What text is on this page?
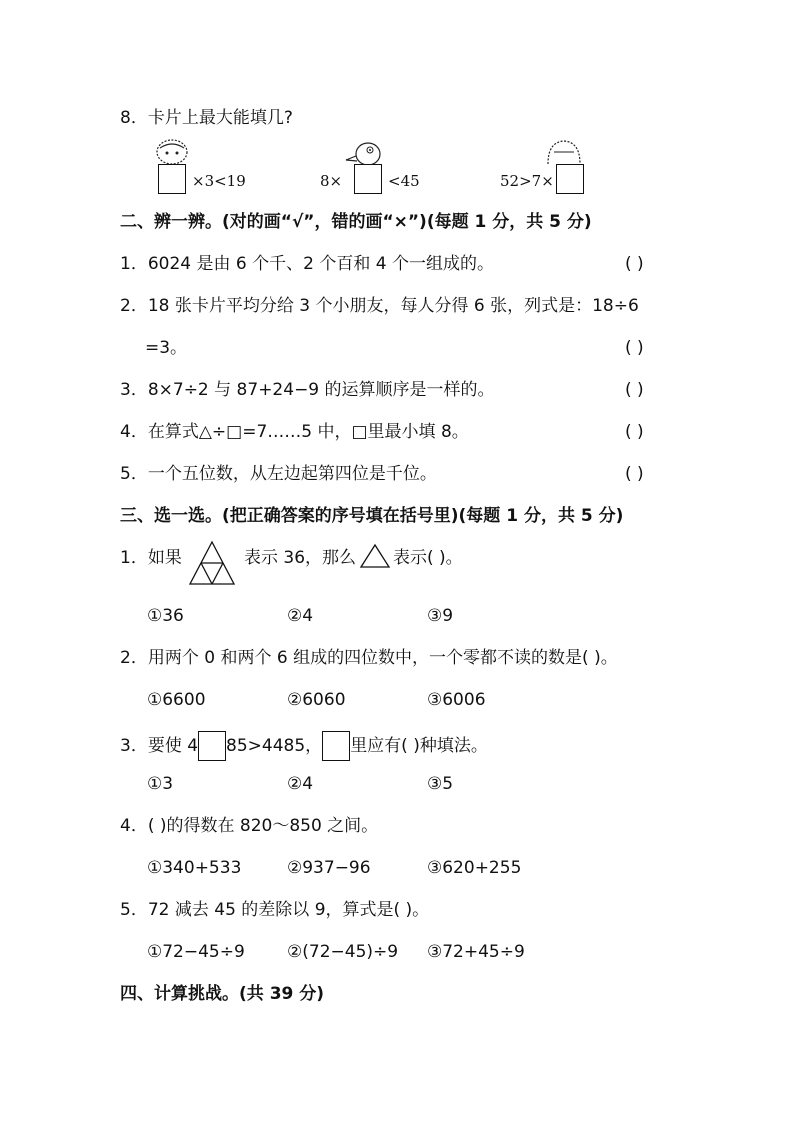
8．卡片上最大能填几?
×3<19	8×	<45	52>7×
二、辨一辨。(对的画“√”，错的画“×”)(每题 1 分，共 5 分)
1．6024 是由 6 个千、2 个百和 4 个一组成的。	( )
2．18 张卡片平均分给 3 个小朋友，每人分得 6 张，列式是：18÷6
=3。	( )
3．8×7÷2 与 87+24−9 的运算顺序是一样的。	( )
4．在算式△÷□=7……5 中，□里最小填 8。	( )
5．一个五位数，从左边起第四位是千位。	( )
三、选一选。(把正确答案的序号填在括号里)(每题 1 分，共 5 分)
1．如果	表示 36，那么 表示( )。
①36	②4	③9
2．用两个 0 和两个 6 组成的四位数中，一个零都不读的数是( )。
①6600	②6060	③6006
3．要使 4 85>4485， 里应有( )种填法。
①3	②4	③5
4．( )的得数在 820～850 之间。
①340+533	②937−96	③620+255
5．72 减去 45 的差除以 9，算式是( )。
①72−45÷9 ②(72−45)÷9 ③72+45÷9
四、计算挑战。(共 39 分)
